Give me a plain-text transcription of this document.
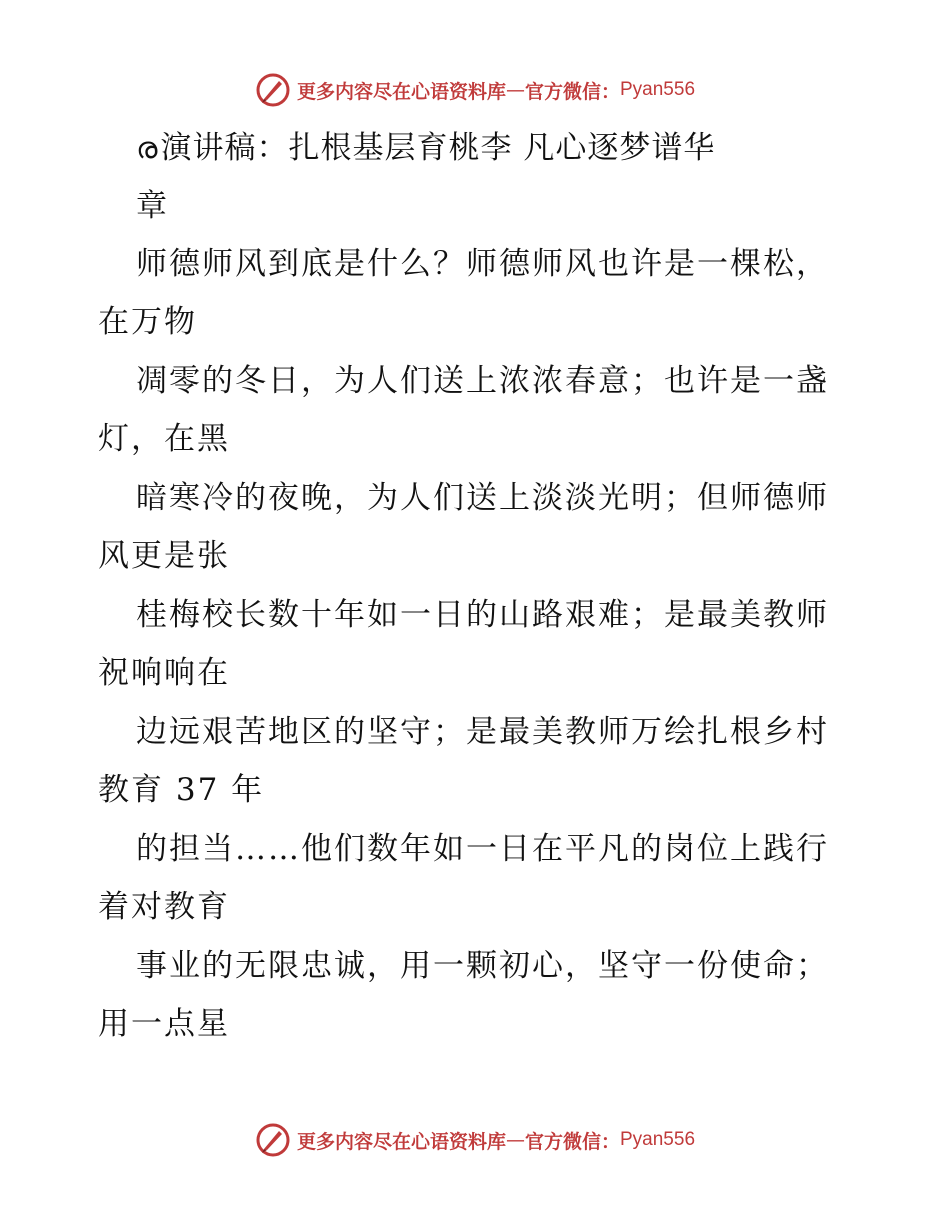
更多内容尽在心语资料库 — 官方微信： Pyan556
ര演讲稿：扎根基层育桃李 凡心逐梦谱华
章
师德师风到底是什么？师德师风也许是一棵松，
在万物
凋零的冬日，为人们送上浓浓春意；也许是一盏
灯，在黑
暗寒冷的夜晚，为人们送上淡淡光明；但师德师
风更是张
桂梅校长数十年如一日的山路艰难；是最美教师
祝响响在
边远艰苦地区的坚守；是最美教师万绘扎根乡村
教育 37 年
的担当……他们数年如一日在平凡的岗位上践行
着对教育
事业的无限忠诚，用一颗初心，坚守一份使命；
用一点星
更多内容尽在心语资料库 — 官方微信： Pyan556
